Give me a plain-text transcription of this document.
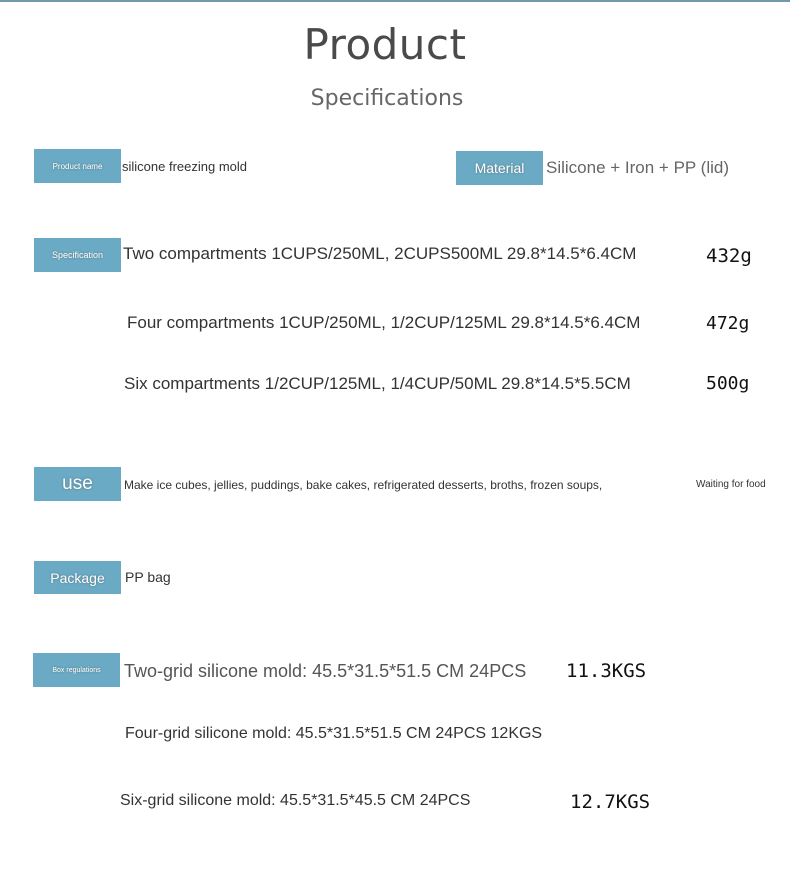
Product
Specifications
Product name	silicone freezing mold	Material	Silicone + Iron + PP (lid)
Specification	Two compartments 1CUPS/250ML, 2CUPS500ML 29.8*14.5*6.4CM	432g
Four compartments 1CUP/250ML, 1/2CUP/125ML 29.8*14.5*6.4CM	472g
Six compartments 1/2CUP/125ML, 1/4CUP/50ML 29.8*14.5*5.5CM	500g
use	Make ice cubes, jellies, puddings, bake cakes, refrigerated desserts, broths, frozen soups,	Waiting for food
Package	PP bag
Box regulations	Two-grid silicone mold: 45.5*31.5*51.5 CM 24PCS 11.3KGS
Four-grid silicone mold: 45.5*31.5*51.5 CM 24PCS 12KGS
Six-grid silicone mold: 45.5*31.5*45.5 CM 24PCS	12.7KGS
